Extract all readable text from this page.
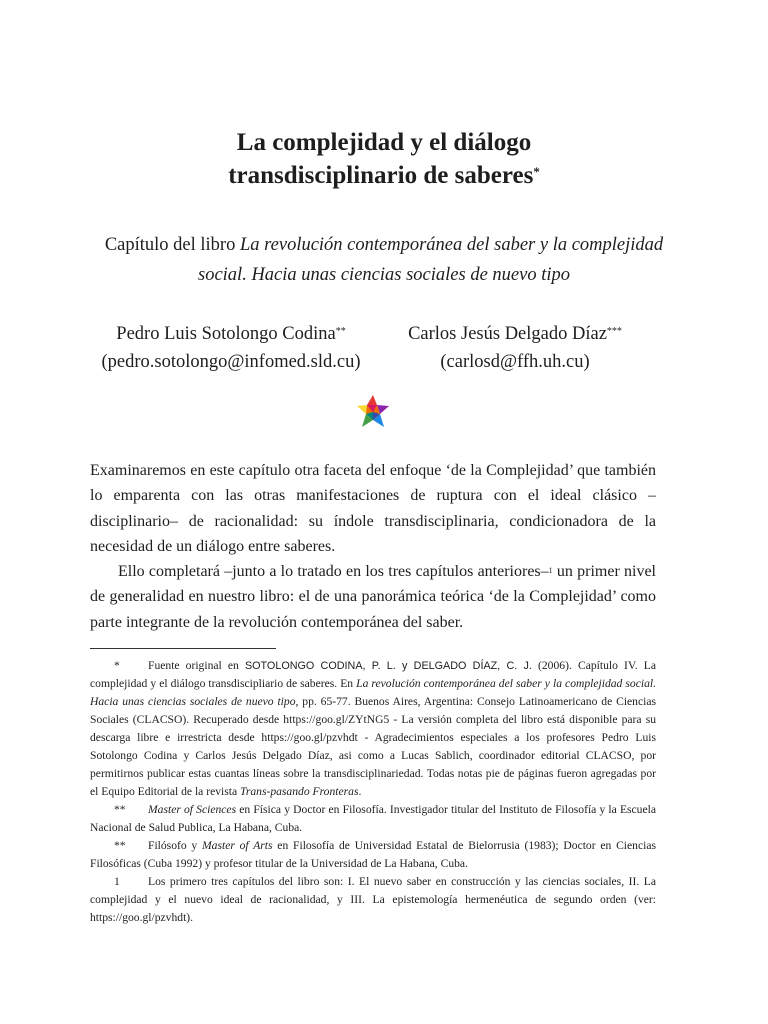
La complejidad y el diálogo
transdisciplinario de saberes*
Capítulo del libro La revolución contemporánea del saber y la complejidad social. Hacia unas ciencias sociales de nuevo tipo
Pedro Luis Sotolongo Codina**
(pedro.sotolongo@infomed.sld.cu)
Carlos Jesús Delgado Díaz***
(carlosd@ffh.uh.cu)

Examinaremos en este capítulo otra faceta del enfoque ‘de la Complejidad’ que también lo emparenta con las otras manifestaciones de ruptura con el ideal clásico –disciplinario– de racionalidad: su índole transdisciplinaria, condicionadora de la necesidad de un diálogo entre saberes.

Ello completará –junto a lo tratado en los tres capítulos anteriores–$^1$ un primer nivel de generalidad en nuestro libro: el de una panorámica teórica ‘de la Complejidad’ como parte integrante de la revolución contemporánea del saber.

* Fuente original en SOTOLONGO CODINA, P. L. y DELGADO DÍAZ, C. J. (2006). Capítulo IV. La complejidad y el diálogo transdiscipliario de saberes. En La revolución contemporánea del saber y la complejidad social. Hacia unas ciencias sociales de nuevo tipo, pp. 65-77. Buenos Aires, Argentina: Consejo Latinoamericano de Ciencias Sociales (CLACSO). Recuperado desde https://goo.gl/ZYtNG5 - La versión completa del libro está disponible para su descarga libre e irrestricta desde https://goo.gl/pzvhdt - Agradecimientos especiales a los profesores Pedro Luis Sotolongo Codina y Carlos Jesús Delgado Díaz, asi como a Lucas Sablich, coordinador editorial CLACSO, por permitirnos publicar estas cuantas líneas sobre la transdisciplinariedad. Todas notas pie de páginas fueron agregadas por el Equipo Editorial de la revista Trans-pasando Fronteras.

** Master of Sciences en Física y Doctor en Filosofía. Investigador titular del Instituto de Filosofía y la Escuela Nacional de Salud Publica, La Habana, Cuba.

** Filósofo y Master of Arts en Filosofía de Universidad Estatal de Bielorrusia (1983); Doctor en Ciencias Filosóficas (Cuba 1992) y profesor titular de la Universidad de La Habana, Cuba.

1 Los primero tres capítulos del libro son: I. El nuevo saber en construcción y las ciencias sociales, II. La complejidad y el nuevo ideal de racionalidad, y III. La epistemología hermenéutica de segundo orden (ver: https://goo.gl/pzvhdt).
